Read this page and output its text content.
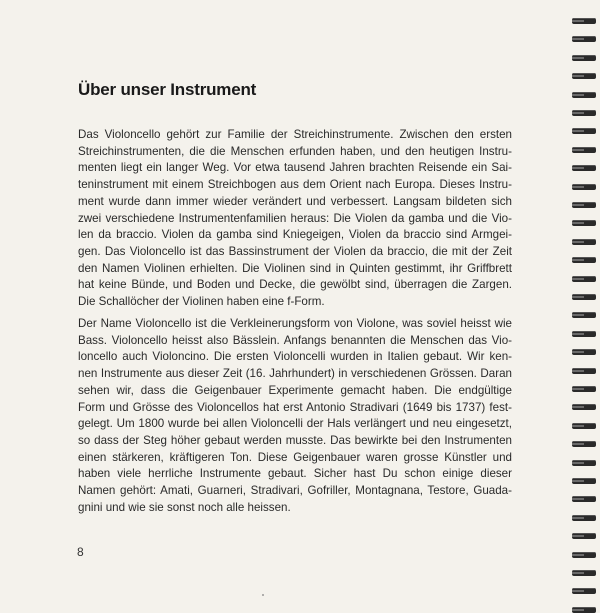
Über unser Instrument

Das Violoncello gehört zur Familie der Streichinstrumente. Zwischen den ersten
Streichinstrumenten, die die Menschen erfunden haben, und den heutigen Instru-
menten liegt ein langer Weg. Vor etwa tausend Jahren brachten Reisende ein Sai-
teninstrument mit einem Streichbogen aus dem Orient nach Europa. Dieses Instru-
ment wurde dann immer wieder verändert und verbessert. Langsam bildeten sich
zwei verschiedene Instrumentenfamilien heraus: Die Violen da gamba und die Vio-
len da braccio. Violen da gamba sind Kniegeigen, Violen da braccio sind Armgei-
gen. Das Violoncello ist das Bassinstrument der Violen da braccio, die mit der Zeit
den Namen Violinen erhielten. Die Violinen sind in Quinten gestimmt, ihr Griffbrett
hat keine Bünde, und Boden und Decke, die gewölbt sind, überragen die Zargen.
Die Schallöcher der Violinen haben eine f-Form.

Der Name Violoncello ist die Verkleinerungsform von Violone, was soviel heisst wie
Bass. Violoncello heisst also Bässlein. Anfangs benannten die Menschen das Vio-
loncello auch Violoncino. Die ersten Violoncelli wurden in Italien gebaut. Wir ken-
nen Instrumente aus dieser Zeit (16. Jahrhundert) in verschiedenen Grössen. Daran
sehen wir, dass die Geigenbauer Experimente gemacht haben. Die endgültige
Form und Grösse des Violoncellos hat erst Antonio Stradivari (1649 bis 1737) fest-
gelegt. Um 1800 wurde bei allen Violoncelli der Hals verlängert und neu eingesetzt,
so dass der Steg höher gebaut werden musste. Das bewirkte bei den Instrumenten
einen stärkeren, kräftigeren Ton. Diese Geigenbauer waren grosse Künstler und
haben viele herrliche Instrumente gebaut. Sicher hast Du schon einige dieser
Namen gehört: Amati, Guarneri, Stradivari, Gofriller, Montagnana, Testore, Guada-
gnini und wie sie sonst noch alle heissen.

8
